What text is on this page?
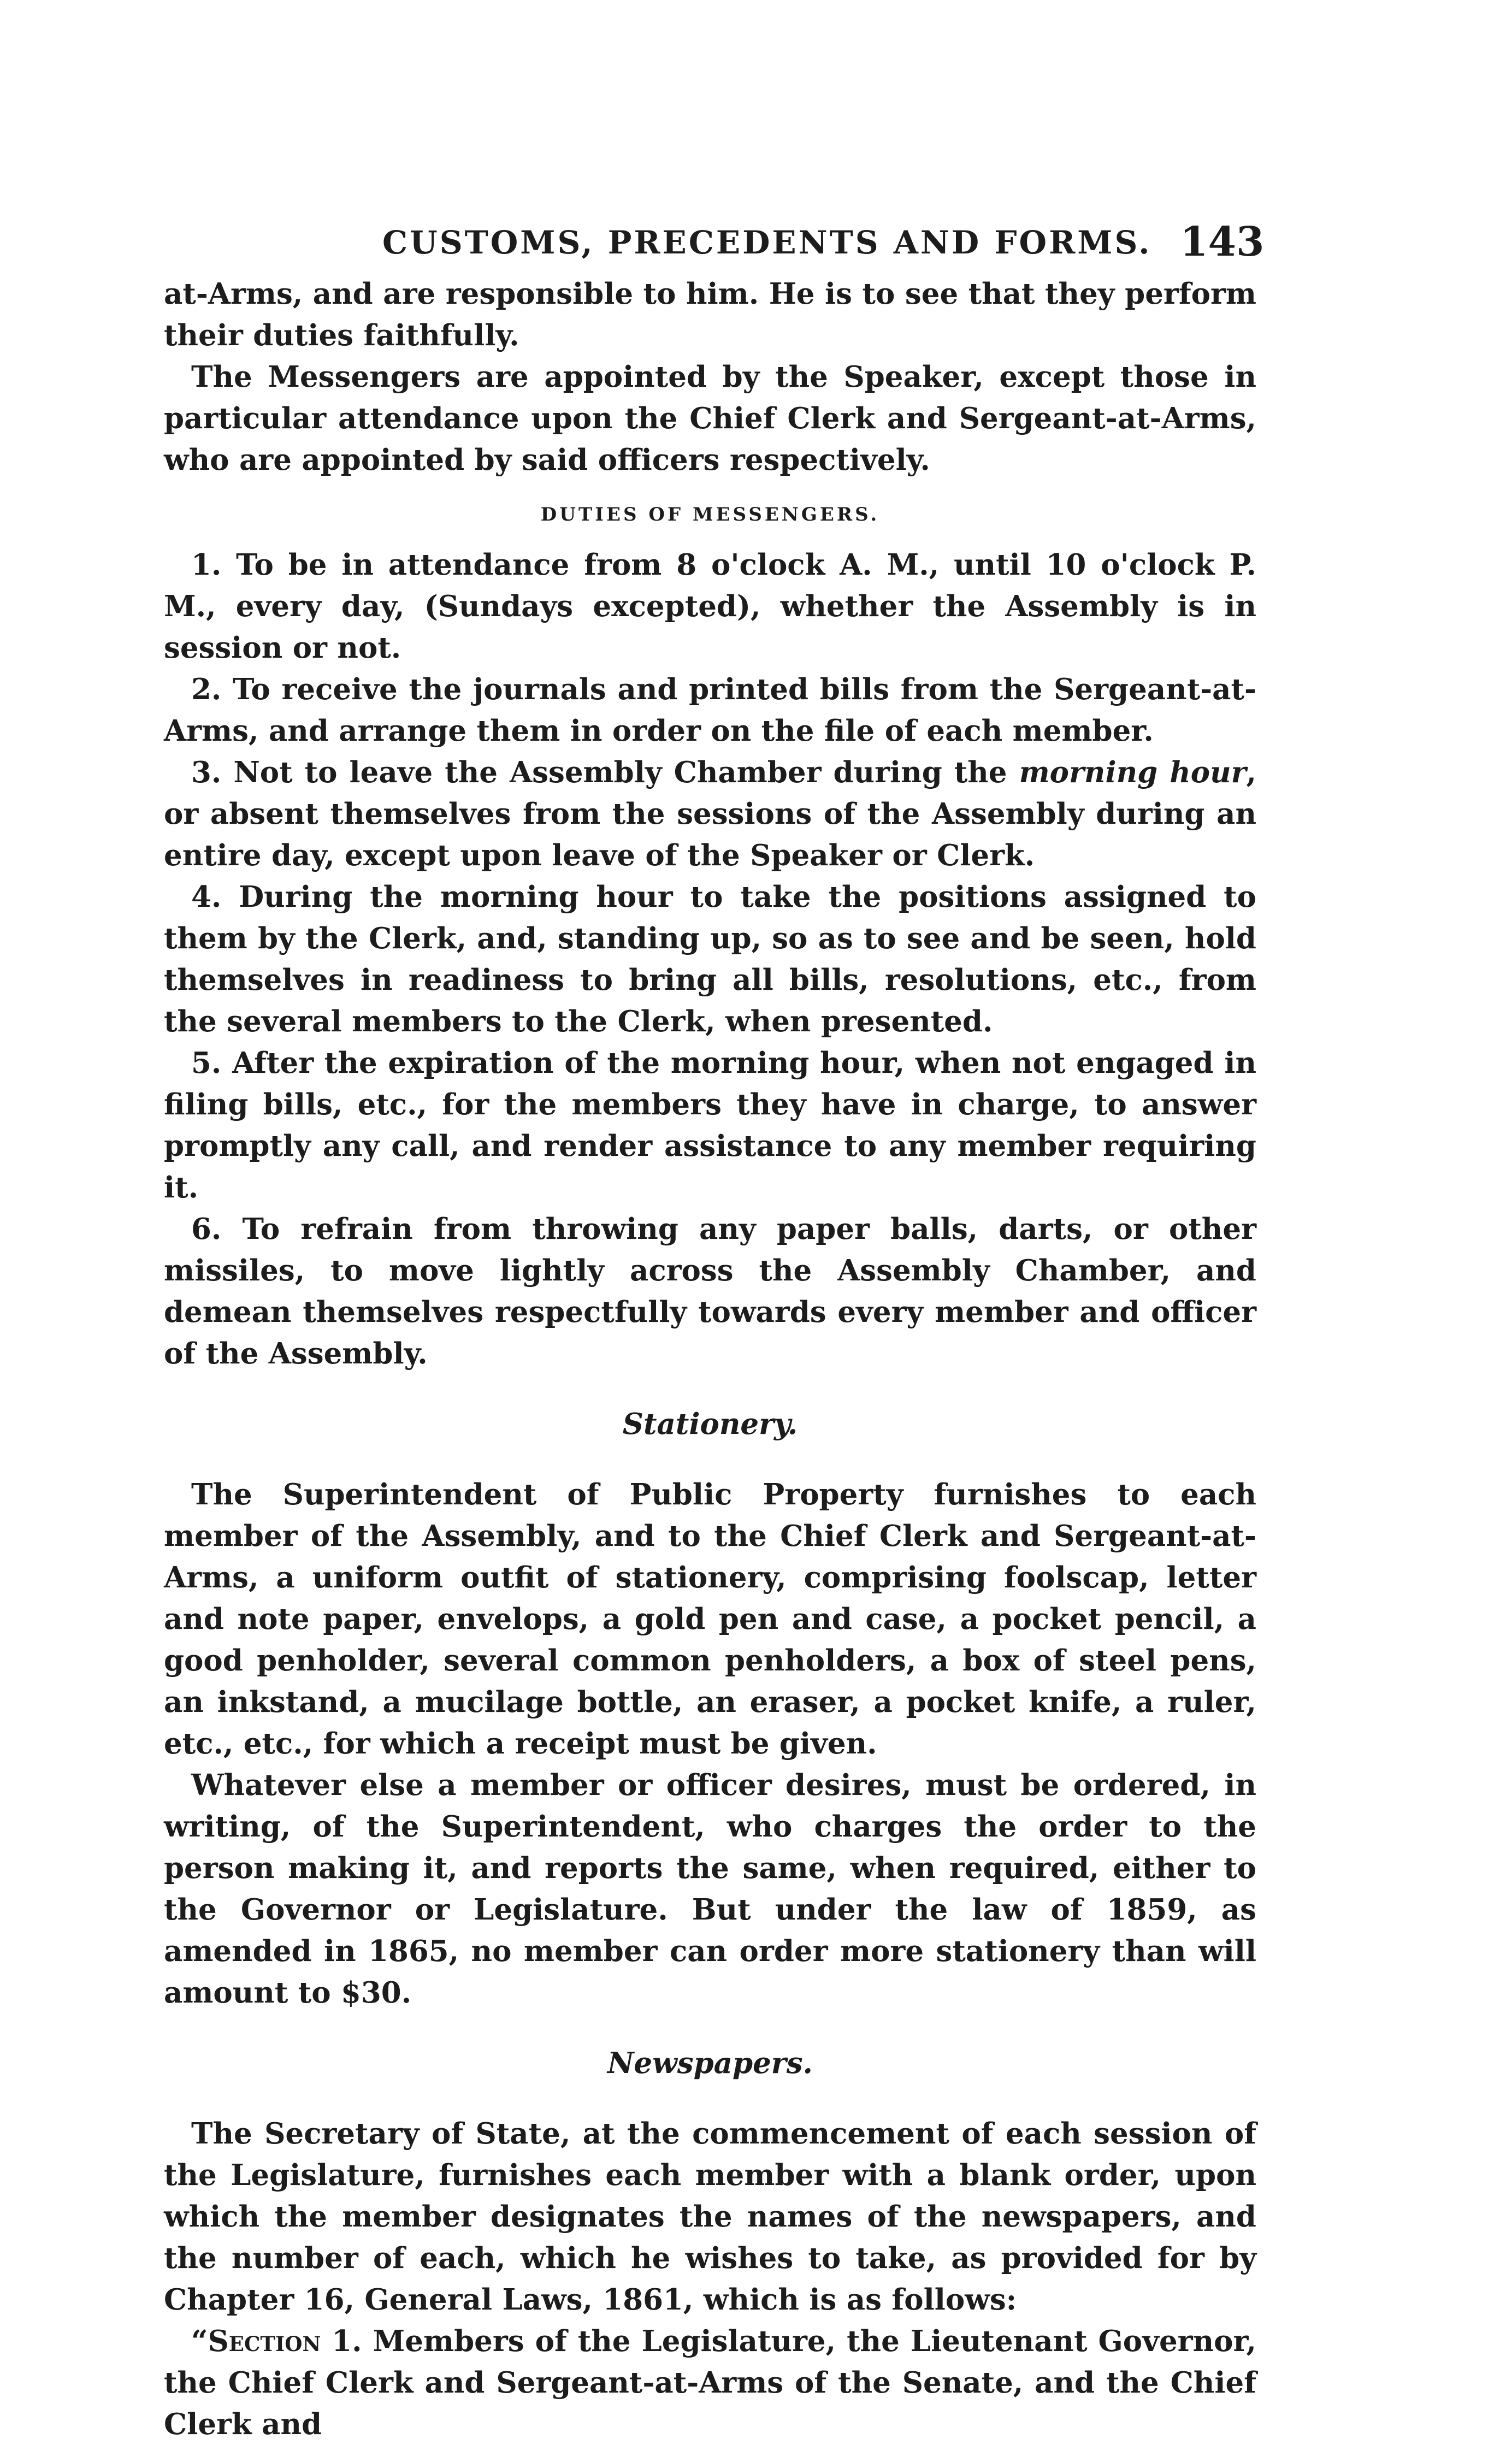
CUSTOMS, PRECEDENTS AND FORMS. 143

at-Arms, and are responsible to him. He is to see that they perform their duties faithfully.

The Messengers are appointed by the Speaker, except those in particular attendance upon the Chief Clerk and Sergeant-at-Arms, who are appointed by said officers respectively.

DUTIES OF MESSENGERS.

1. To be in attendance from 8 o'clock A. M., until 10 o'clock P. M., every day, (Sundays excepted), whether the Assembly is in session or not.

2. To receive the journals and printed bills from the Sergeant-at-Arms, and arrange them in order on the file of each member.

3. Not to leave the Assembly Chamber during the morning hour, or absent themselves from the sessions of the Assembly during an entire day, except upon leave of the Speaker or Clerk.

4. During the morning hour to take the positions assigned to them by the Clerk, and, standing up, so as to see and be seen, hold themselves in readiness to bring all bills, resolutions, etc., from the several members to the Clerk, when presented.

5. After the expiration of the morning hour, when not engaged in filing bills, etc., for the members they have in charge, to answer promptly any call, and render assistance to any member requiring it.

6. To refrain from throwing any paper balls, darts, or other missiles, to move lightly across the Assembly Chamber, and demean themselves respectfully towards every member and officer of the Assembly.

Stationery.

The Superintendent of Public Property furnishes to each member of the Assembly, and to the Chief Clerk and Sergeant-at-Arms, a uniform outfit of stationery, comprising foolscap, letter and note paper, envelops, a gold pen and case, a pocket pencil, a good penholder, several common penholders, a box of steel pens, an inkstand, a mucilage bottle, an eraser, a pocket knife, a ruler, etc., etc., for which a receipt must be given.

Whatever else a member or officer desires, must be ordered, in writing, of the Superintendent, who charges the order to the person making it, and reports the same, when required, either to the Governor or Legislature. But under the law of 1859, as amended in 1865, no member can order more stationery than will amount to $30.

Newspapers.

The Secretary of State, at the commencement of each session of the Legislature, furnishes each member with a blank order, upon which the member designates the names of the newspapers, and the number of each, which he wishes to take, as provided for by Chapter 16, General Laws, 1861, which is as follows:

“Section 1. Members of the Legislature, the Lieutenant Governor, the Chief Clerk and Sergeant-at-Arms of the Senate, and the Chief Clerk and
